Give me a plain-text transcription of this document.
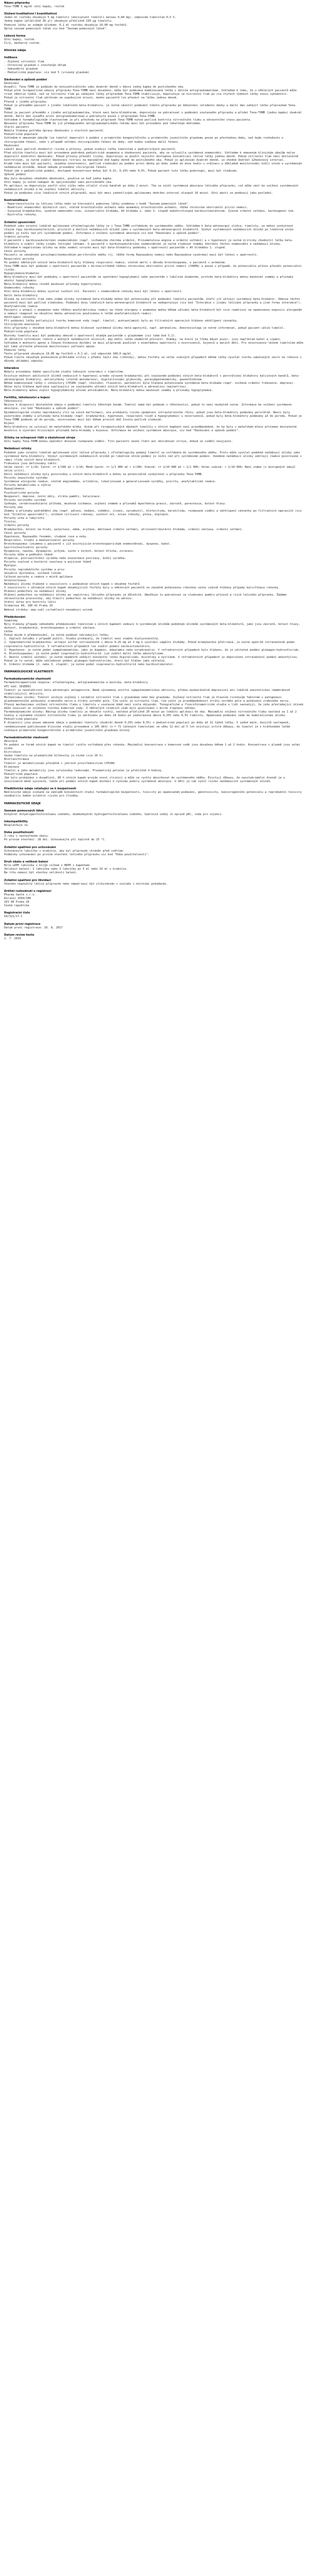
Název přípravku
Tena-TOMB 5 mg/ml oční kapky, roztok
Složení kvalitativní i kvantitativní
Jeden ml roztoku obsahuje 5 mg timololi (ekvivalent timololi maleas 6,84 mg), odpovídá timololum 0,5 %.
Jedna kapka (přibližně 30 µl) obsahuje přibližně 150 µg timololu.
Pomocné látky se známým účinkem: 0,1 ml roztoku obsahuje 10,00 mg fosfátů.
Úplný seznam pomocných látek viz bod "Seznam pomocných látek".
Léková forma
Oční kapky, roztok.
Čirý, bezbarvý roztok.
Klinické údaje
Indikace
- Zvýšený nitrooční tlak
- Chronický glaukom s otevřeným úhlem
- Sekundární glaukom
- Pediatrická populace: viz bod 5 (vrozený glaukom)
Dávkování a způsob podání
Dávkování
Dospělí: Tena-TOMB je podáván do konjunktiválního vaku dvakrát denně v dávce jedna kapka do postiženého oka.
Pokud plné terapeutické odezvy přípravku Tena-TOMB není dosaženo, může být podávána kombinovaná léčba s dalším antiglaukomatikem. Vzhledem k tomu, že u některých pacientů může trvat několik týdnů, než se nitrooční tlak po zahájení léčby přípravkem Tena-TOMB stabilizuje, doporučuje se nitrooční tlak po cca čtyřech týdnech léčby znovu vyhodnotit.
Pokud je nitrooční tlak udržován na uspokojivé úrovni, mnoho pacientů lze převést na léčbu jednou denně.
Převod z jiného přípravku:
Pokud je převáděn pacient z jiného lokálního beta-blokátoru, je nutné ukončit podávání tohoto přípravku po dokončení celodenní dávky a další den zahájit léčbu přípravkem Tena-TOMB.
Pokud je pacient převáděn z jiného antiglaukomatika, které není beta-blokátorem, doporučuje se pokračovat v podávání současného přípravku a přidat Tena-TOMB (jednu kapku) dvakrát denně. Další den vysaďte první antiglaukomatikum a pokračujte pouze s přípravkem Tena-TOMB.
Vzhledem k farmakologickým vlastnostem je při přechodu na přípravek Tena-TOMB nutná pečlivá kontrola nitroočního tlaku a zdravotního stavu pacienta.
Nasazení přípravku Tena-TOMB do již předepsaného antiglaukomatického režimu musí být provedeno pod lékařským dohledem.
Starší pacienti
Nebyla hlášena potřeba úpravy dávkování u starších pacientů.
Pediatrická populace
Vzhledem k omezeným údajům lze timolol doporučit k podání u primárního kongenitálního a primárního juvenilního glaukomu pouze po přechodnou dobu, než bude rozhodnuto o chirurgickém řešení, nebo v případě selhání chirurgického řešení do doby, než budou zvážena další řešení.
Dávkování
Lékaři musí pečlivě zhodnotit rizika a přínosy, pokud zvažují léčbu timololem u pediatrických pacientů.
Před užitím timololu musí být provedena podrobná pediatrická anamnéza a zhodnocení pacienta, aby se vyloučila systémová onemocnění. Vzhledem k omezeným klinickým údajům nelze doporučit konkrétní dávkování. Pokud přínosy převáží rizika, doporučuje se použít nejnižší dostupnou koncentraci léčivé látky jednou denně. Pokud nitrooční tlak není dostatečně kontrolován, je nutné zvážit dávkovací titraci na maximálně dvě kapky denně do postiženého oka. Pokud je aplikován dvakrát denně, je vhodné dodržet 12hodinový interval.
Kromě toho musí být pacienti, zejména novorozenci, pečlivě sledováni po podání první dávky po dobu jedné až dvou hodin v ordinaci a důkladně monitorováni kvůli očním a systémovým nežádoucím účinkům, dokud nebude provedeno chirurgické řešení.
Pokud jde o pediatrické podání, dostupné koncentrace mohou být 0,1%, 0,25% nebo 0,5%. Pokud pacient tuto léčbu podstoupí, musí být sledován.
Způsob podání
Aby bylo dosaženo vhodného dávkování, používá se buď jedna kapka.
Oční kapky je nutné nakapat do spojivkového vaku postiženého oka.
Po aplikaci se doporučuje zavřít oční víčko nebo stlačit slzný kanálek po dobu 2 minut. Tím se sníží systémová absorpce léčivého přípravku, což může vést ke snížení systémových nežádoucích účinků a ke zvýšení lokální aktivity.
Pokud je podáváno více lokálních očních přípravků, musí být mezi jednotlivými aplikacemi dodržen interval alespoň 10 minut. Oční masti se podávají jako poslední.
Kontraindikace
- Hypersenzitivita na léčivou látku nebo na kteroukoli pomocnou látku uvedenou v bodě "Seznam pomocných látek".
- Reaktivní onemocnění dýchacích cest, včetně bronchiálního astmatu nebo anamnézy bronchiálního astmatu, těžké chronické obstrukční plicní nemoci.
- Sinusová bradykardie, syndrom nemocného sinu, sinoatriální blokáda, AV blokáda 2. nebo 3. stupně nekontrolovaná kardiostimulátorem. Zjevné srdeční selhání, kardiogenní šok.
- Dystrofie rohovky.
Zvláštní upozornění
Podobně jako ostatní lokálně aplikované oftalmologické látky je i Tena-TOMB vstřebáván do systémového oběhu. Vzhledem k beta-adrenergní složce, timololu, se mohou vyskytnout stejné typy kardiovaskulárních, plicních a dalších nežádoucích účinků jako u systémových beta-adrenergních blokátorů. Výskyt systémových nežádoucích účinků po lokálním očním podání je nižší než při systémovém podání. Informace o snížení systémové absorpce viz bod "Dávkování a způsob podání".
Srdeční poruchy
U pacientů s kardiovaskulárními onemocněními (např. ischemická choroba srdeční, Prinzmetalova angina a srdeční selhání) a s hypotenzí je nutné kriticky zhodnotit léčbu beta-blokátory a zvážit léčbu jinými léčivými látkami. U pacientů s kardiovaskulárními onemocněními je nutné sledovat známky zhoršení těchto onemocnění a nežádoucí účinky.
Vzhledem k negativnímu účinku na dobu vedení vzruchu musí být beta-blokátory podávány s opatrností pacientům s AV blokádou 1. stupně.
Cévní poruchy
Pacienti se závažnými poruchami/onemocněním periferního oběhu (tj. těžké formy Raynaudovy nemoci nebo Raynaudova syndromu) musí být léčeni s opatrností.
Respirační poruchy
Po podání některých očních beta-blokátorů byly hlášeny respirační reakce, včetně úmrtí z důvodu bronchospasmu, u pacientů s astmatem.
Tena-TOMB musí být podáván s opatrností pacientům s mírnou/středně těžkou chronickou obstrukční plicní nemocí (CHOPN) a pouze v případě, že potenciální přínos převáží potenciální riziko.
Hypoglykemie/diabetes
Beta-blokátory musí být podávány s opatrností pacientům se spontánní hypoglykemií nebo pacientům s labilním diabetem, protože beta-blokátory mohou maskovat známky a příznaky akutní hypoglykemie.
Beta-blokátory mohou rovněž maskovat příznaky hypertyreózy.
Onemocnění rohovky
Oční beta-blokátory mohou vyvolat suchost očí. Pacienti s onemocněním rohovky musí být léčeni s opatrností.
Další beta-blokátory
Účinek na nitrooční tlak nebo známé účinky systémové beta-blokády mohou být potencovány při podávání timololu pacientům, kteří již užívají systémový beta-blokátor. Odezva těchto pacientů musí být pečlivě sledována. Podávání dvou lokálních beta-adrenergních blokátorů se nedoporučuje (viz bod "Interakce s jinými léčivými přípravky a jiné formy interakce").
Anafylaktické reakce
Pacienti s atopií v anamnéze nebo těžkou anafylaktickou reakcí na různé alergeny v anamnéze mohou během užívání beta-blokátorů být více reaktivní na opakovanou expozici alergenům a nemusí reagovat na obvyklou dávku adrenalinu používanou k léčbě anafylaktických reakcí.
Odchlípení cévnatky
Při podávání léčby potlačující tvorbu komorové vody (např. timolol, acetazolamid) bylo po filtračních operacích hlášeno odchlípení cévnatky.
Chirurgická anestezie
Oční přípravky s obsahem beta-blokátorů mohou blokovat systémové účinky beta-agonistů, např. adrenalinu. Anesteziologa je nutné informovat, pokud pacient užívá timolol.
Pediatrická populace
Roztoky timololu musí být podávány obecně s opatrností mladým pacientům s glaukomem (viz také bod 5.2).
Je důležité informovat rodiče o možných nežádoucích účincích, aby mohli léčbu okamžitě přerušit. Známky, na které je třeba dávat pozor, jsou například kašel a sípání.
Vzhledem k možnosti apnoe a Cheyne-Stokesova dýchání se musí přípravek používat s mimořádnou opatrností u novorozenců, kojenců a malých dětí. Pro novorozence léčené timololem může být také užitečné přenosné monitorovací zařízení apnoe.
Pomocné látky
Tento přípravek obsahuje 10,00 mg fosfátů v 0,1 ml, což odpovídá 100,0 mg/ml.
Pokud trpíte závažným poškozením průhledné vrstvy v přední části oka (rohovky), mohou fosfáty ve velmi vzácných případech během léčby vyvolat tvorbu zakalených skvrn na rohovce z důvodu ukládání vápníku.
Interakce
Nebyly provedeny žádné specifické studie lékových interakcí s timololem.
Existuje možnost aditivních účinků vedoucích k hypotenzi a/nebo výrazné bradykardii při současném podávání očních beta-blokátorů s perorálními blokátory kalciových kanálů, beta-adrenergními blokátory, antiarytmiky (včetně amiodaronu), digitalisovými glykosidy, parasympatomimetiky, guanethidinem.
Během kombinované léčby s inhibitory CYP2D6 (např. chinidin, fluoxetin, paroxetin) byla hlášena potencovaná systémová beta-blokáda (např. snížená srdeční frekvence, deprese).
Občas byla hlášena mydriáza vyplývající ze současného užívání očních beta-blokátorů a adrenalinu (epinefrinu).
Beta-blokátory mohou zvýšit hypoglykemický účinek antidiabetik. Beta-blokátory mohou maskovat známky a příznaky hypoglykemie.
Fertilita, těhotenství a kojení
Těhotenství
Nejsou k dispozici dostatečné údaje o podávání timololu těhotným ženám. Timolol nemá být podáván v těhotenství, pokud to není nezbytně nutné. Informace ke snížení systémové absorpce, viz bod "Dávkování a způsob podání".
Epidemiologické studie neprokázaly vliv na vznik malformací, ale prokázaly riziko zpomalení intrauterinního růstu, pokud jsou beta-blokátory podávány perorálně. Navíc byly pozorovány známky a příznaky beta-blokády (např. bradykardie, hypotenze, respirační tíseň a hypoglykemie) u novorozenců, pokud byly beta-blokátory podávány až do porodu. Pokud je Tena-TOMB podáván až do porodu, novorozenec musí být během prvních dnů života pečlivě sledován.
Kojení
Beta-blokátory se vylučují do mateřského mléka. Avšak při terapeutických dávkách timololu v očních kapkách není pravděpodobné, že by bylo v mateřském mléce přítomno dostatečné množství k vyvolání klinických příznaků beta-blokády u kojence. Informace ke snížení systémové absorpce, viz bod "Dávkování a způsob podání".
Účinky na schopnost řídit a obsluhovat stroje
Oční kapky Tena-TOMB mohou způsobit dočasné rozmazané vidění. Tito pacienti nesmí řídit ani obsluhovat stroje, dokud se vidění nevyjasní.
Nežádoucí účinky
Podobně jako ostatní lokálně aplikované oční léčivé přípravky i oftalmologicky podaný timolol se vstřebává do systémového oběhu. Proto může vyvolat podobné nežádoucí účinky jako systémové beta-blokátory. Výskyt systémových nežádoucích účinků po lokálním očním podání je nižší než při systémovém podání. Uvedené nežádoucí účinky zahrnují reakce pozorované v rámci třídy očních beta-blokátorů.
Frekvence jsou definovány takto:
Velmi časté: >= 1/10; Časté: >= 1/100 až < 1/10; Méně časté: >= 1/1 000 až < 1/100; Vzácné: >= 1/10 000 až < 1/1 000; Velmi vzácné: < 1/10 000; Není známo (z dostupných údajů nelze určit).
Další nežádoucí účinky byly pozorovány u očních beta-blokátorů a mohou se potenciálně vyskytnout u přípravku Tena-TOMB.
Poruchy imunitního systému
Systémové alergické reakce, včetně angioedému, urtikárie, lokalizované a generalizované vyrážky, pruritu, anafylaktické reakce.
Poruchy metabolismu a výživy
Hypoglykemie.
Psychiatrické poruchy
Nespavost, deprese, noční můry, ztráta paměti, halucinace.
Poruchy nervového systému
Synkopa, cerebrovaskulární příhoda, mozková ischemie, zvýšení známek a příznaků myasthenia gravis, závratě, parestezie, bolest hlavy.
Poruchy oka
Známky a příznaky podráždění oka (např. pálení, bodání, svědění, slzení, zarudnutí), blefaritida, keratitida, rozmazané vidění a odchlípení cévnatky po filtračních operacích (viz bod "Zvláštní upozornění"), snížená citlivost rohovky, suchost očí, eroze rohovky, ptóza, diplopie.
Poruchy ucha a labyrintu
Tinitus.
Srdeční poruchy
Bradykardie, bolest na hrudi, palpitace, edém, arytmie, městnavé srdeční selhání, atrioventrikulární blokáda, srdeční zástava, srdeční selhání.
Cévní poruchy
Hypotenze, Raynaudův fenomén, studené ruce a nohy.
Respirační, hrudní a mediastinální poruchy
Bronchospasmus (zejména u pacientů s již existujícím bronchospastickým onemocněním), dyspnoe, kašel.
Gastrointestinální poruchy
Dysgeusie, nauzea, dyspepsie, průjem, sucho v ústech, bolest břicha, zvracení.
Poruchy kůže a podkožní tkáně
Alopecie, psoriaziformní vyrážka nebo exacerbace psoriázy, kožní vyrážka.
Poruchy svalové a kosterní soustavy a pojivové tkáně
Myalgie.
Poruchy reprodukčního systému a prsu
Sexuální dysfunkce, snížené libido.
Celkové poruchy a reakce v místě aplikace
Astenie/únava.
Nežádoucí účinky hlášené v souvislosti s podáváním očních kapek s obsahem fosfátů
V souvislosti s užíváním očních kapek obsahujících fosfáty byly u některých pacientů se závažně poškozenou rohovkou velmi vzácně hlášeny případy kalcifikace rohovky.
Hlášení podezření na nežádoucí účinky
Hlášení podezření na nežádoucí účinky po registraci léčivého přípravku je důležité. Umožňuje to pokračovat ve sledování poměru přínosů a rizik léčivého přípravku. Žádáme zdravotnické pracovníky, aby hlásili podezření na nežádoucí účinky na adresu:
Státní ústav pro kontrolu léčiv
Šrobárova 48, 100 41 Praha 10
Webové stránky: www.sukl.cz/nahlasit-nezadouci-ucinek
Předávkování
Symptomy
Byly hlášeny případy náhodného předávkování timololem v očních kapkách vedoucí k systémovým účinkům podobným účinkům systémových beta-blokátorů, jako jsou závratě, bolest hlavy, dušnost, bradykardie, bronchospasmus a srdeční zástava.
Léčba
Pokud dojde k předávkování, je nutné podávat následující léčbu:
1. Výplach žaludku v případě požití. Studie prokázaly, že timolol není snadno dialyzovatelný.
2. Symptomatická bradykardie: atropin sulfát intravenózně v dávce 0,25 mg až 2 mg k vyvolání vagální blokády. Pokud bradykardie přetrvává, je nutné opatrně intravenózně podat isoprenalin-hydrochlorid. V refrakterních případech lze zvážit podání kardiostimulátoru.
3. Hypotenze: je nutné podat sympatomimetika, jako je dopamin, dobutamin nebo noradrenalin. V refrakterních případech bylo hlášeno, že je užitečné podání glukagon-hydrochloridu.
4. Bronchospasmus: je nutné podat isoprenalin-hydrochlorid. Lze zvážit další léčbu aminofylinem.
5. Akutní srdeční selhání: je nutné okamžitě zahájit konvenční léčbu digitalisem, diuretiky a kyslíkem. V refrakterních případech je doporučeno intravenózní podání aminofylinu. Pokud je to nutné, může následovat podání glukagon-hydrochloridu, který byl hlášen jako užitečný.
6. Srdeční blokáda (2. nebo 3. stupně): je nutné podat isoprenalin-hydrochlorid nebo kardiostimulátor.
FARMAKOLOGICKÉ VLASTNOSTI
Farmakodynamické vlastnosti
Farmakoterapeutická skupina: oftalmologika, antiglaukomatika a miotika, beta-blokátory
ATC kód: S01ED01
Timolol je neselektivní beta-adrenergní antagonista. Nemá významnou vnitřní sympatomimetickou aktivitu, přímou myokardiálně depresivní ani lokálně anestetickou (membránově stabilizující) aktivitu.
Mechanismus účinku: Timolol snižuje zvýšený i normální nitrooční tlak s glaukomem nebo bez glaukomu. Zvýšený nitrooční tlak je hlavním rizikovým faktorem v patogenezi glaukomatózního poškození zrakového nervu a ztráty zorného pole. Čím vyšší je nitrooční tlak, tím vyšší je pravděpodobnost ztráty zorného pole a poškození zrakového nervu.
Přesný mechanismus snížení nitroočního tlaku u timololu v současné době není zcela objasněn. Tonografické a fluorofotometrické studie u lidí naznačují, že jeho převládající účinek může souviset se sníženou tvorbou komorové vody. V některých studiích však bylo pozorováno i mírné zlepšení odtoku.
Farmakodynamické účinky: Nástup účinku timololu je obvykle rychlý, nastává přibližně 20 minut po lokální aplikaci do oka. Maximální snížení nitroočního tlaku nastává za 1 až 2 hodiny a významné snížení nitroočního tlaku je udržováno po dobu 24 hodin po jednorázové dávce 0,25% nebo 0,5% timololu. Opakované podávání vede ke kumulativnímu účinku.
Pediatrická populace
K dispozici jsou pouze omezené údaje o podávání timololu (dvakrát denně 0,25% nebo 0,5%) v pediatrické populaci po dobu až 12 týdnů léčby. V jedné malé, dvojitě zaslepené, randomizované publikované klinické studii provedené u 105 dětí (n = 71 léčených timololem) ve věku 12 dní až 5 let existují určité důkazy, že timolol je v krátkodobé léčbě indikace primárního kongenitálního a primárního juvenilního glaukomu účinný.
Farmakokinetické vlastnosti
Absorpce
Po podání ve formě očních kapek se timolol rychle vstřebává přes rohovku. Maximální koncentrace v komorové vodě jsou dosaženy během 1 až 2 hodin. Koncentrace v plazmě jsou velmi nízké.
Distribuce
Vazba timololu na plazmatické bílkoviny je nízká (cca 10 %).
Biotransformace
Timolol je metabolizován převážně v játrech prostřednictvím CYP2D6.
Eliminace
Timolol a jeho metabolity jsou vylučovány ledvinami. Plazmatický poločas je přibližně 4 hodiny.
Pediatrická populace
Jak bylo prokázáno u dospělých, 80 % očních kapek projde nosní sliznicí a může se rychle absorbovat do systémového oběhu. Existují důkazy, že nasolakrimální drenáž je u novorozenců méně vyvinutá, takže při podání očních kapek dochází k vyššímu podílu systémové absorpce. U dětí je tak vyšší riziko nežádoucích systémových účinků.
Předklinické údaje vztahující se k bezpečnosti
Neklinické údaje získané na základě konvenčních studií farmakologické bezpečnosti, toxicity po opakovaném podávání, genotoxicity, kancerogenního potenciálu a reprodukční toxicity neodhalily žádné zvláštní riziko pro člověka.
FARMACEUTICKÉ ÚDAJE
Seznam pomocných látek
Dihydrát dihydrogenfosforečnanu sodného, dodekahydrát hydrogenfosforečnanu sodného, hydroxid sodný (k úpravě pH), voda pro injekci.
Inkompatibility
Neuplatňuje se.
Doba použitelnosti
3 roky v neotevřeném obalu.
Po prvním otevření: 28 dní. Uchovávejte při teplotě do 25 °C.
Zvláštní opatření pro uchovávání
Uchovávejte lahvičku v krabičce, aby byl přípravek chráněn před světlem.
Podmínky uchovávání po prvním otevření léčivého přípravku viz bod "Doba použitelnosti".
Druh obalu a velikost balení
Bílá LDPE lahvička s bílým víčkem z HDPE s kapátkem.
Velikost balení: 1 lahvička nebo 3 lahvičky po 5 ml nebo 10 ml v krabičce.
Na trhu nemusí být všechny velikosti balení.
Zvláštní opatření pro likvidaci
Všechen nepoužitý léčivý přípravek nebo odpad musí být zlikvidován v souladu s místními požadavky.
Držitel rozhodnutí o registraci
Pharma Santé s.r.o.
Korunní 2569/108
101 00 Praha 10
Česká republika
Registrační číslo
64/321/17-C
Datum první registrace
Datum první registrace: 16. 8. 2017
Datum revize textu
2. 7. 2019
